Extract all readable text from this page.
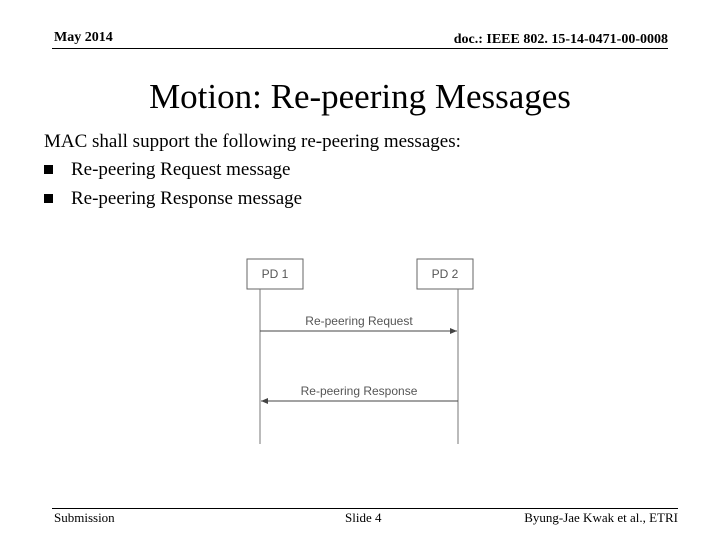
May 2014	doc.: IEEE 802. 15-14-0471-00-0008
Motion: Re-peering Messages
MAC shall support the following re-peering messages:
Re-peering Request message
Re-peering Response message
PD 1	PD 2
Re-peering Request
Re-peering Response
Submission	Slide 4	Byung-Jae Kwak et al., ETRI
